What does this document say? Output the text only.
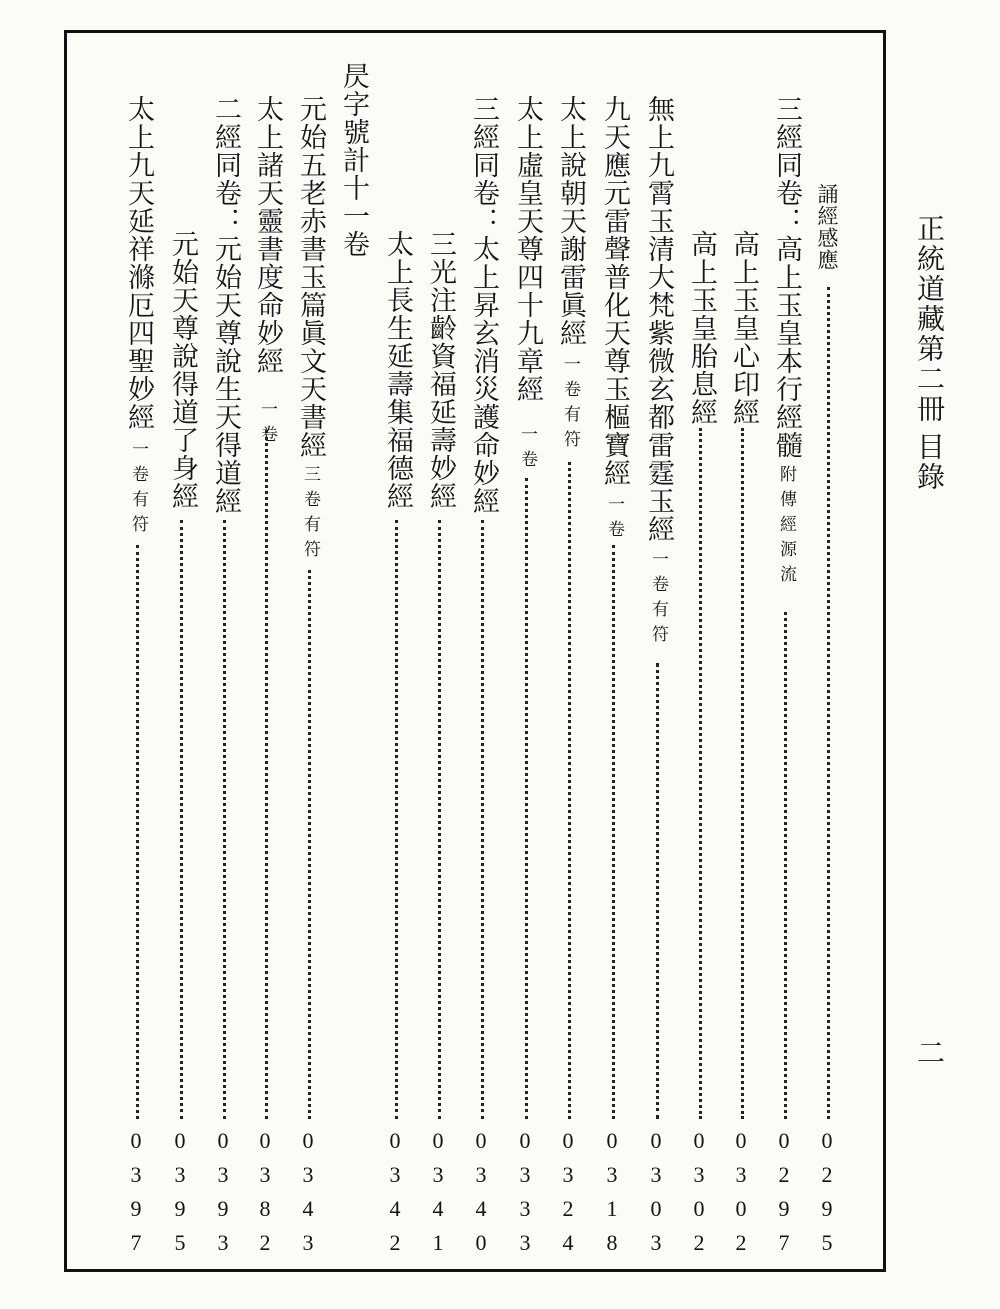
正統道藏第二冊
目錄
二
誦經感應
0
2
9
5
三經同卷：高上玉皇本行經髓
附傳經源流
0
2
9
7
高上玉皇心印經
0
3
0
2
高上玉皇胎息經
0
3
0
2
無上九霄玉清大梵紫微玄都雷霆玉經
一卷有符
0
3
0
3
九天應元雷聲普化天尊玉樞寶經
一卷
0
3
1
8
太上說朝天謝雷眞經
一卷有符
0
3
2
4
太上虛皇天尊四十九章經
一卷
0
3
3
3
三經同卷：太上昇玄消災護命妙經
0
3
4
0
三光注齡資福延壽妙經
0
3
4
1
太上長生延壽集福德經
0
3
4
2
昃字號計十一卷
元始五老赤書玉篇眞文天書經
三卷有符
0
3
4
3
太上諸天靈書度命妙經
一卷
0
3
8
2
二經同卷：元始天尊說生天得道經
0
3
9
3
元始天尊說得道了身經
0
3
9
5
太上九天延祥滌厄四聖妙經
一卷有符
0
3
9
7
